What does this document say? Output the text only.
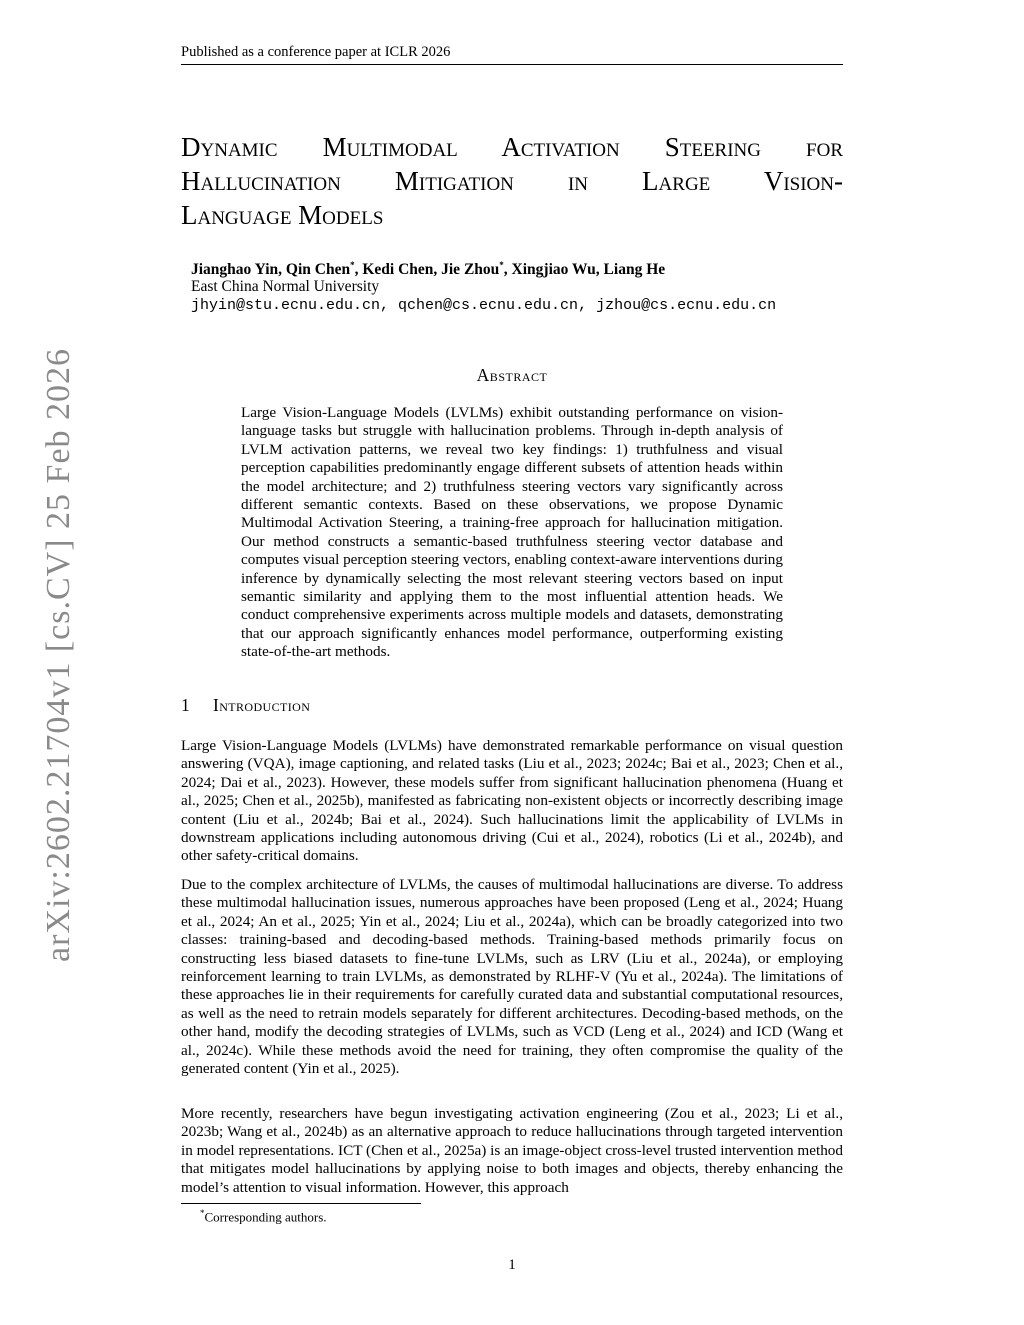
Published as a conference paper at ICLR 2026
arXiv:2602.21704v1 [cs.CV] 25 Feb 2026
Dynamic Multimodal Activation Steering for
Hallucination Mitigation in Large Vision-
Language Models
Jianghao Yin, Qin Chen*, Kedi Chen, Jie Zhou*, Xingjiao Wu, Liang He
East China Normal University
jhyin@stu.ecnu.edu.cn, qchen@cs.ecnu.edu.cn, jzhou@cs.ecnu.edu.cn
Abstract
Large Vision-Language Models (LVLMs) exhibit outstanding performance on vision-language tasks but struggle with hallucination problems. Through in-depth analysis of LVLM activation patterns, we reveal two key findings: 1) truthfulness and visual perception capabilities predominantly engage different subsets of attention heads within the model architecture; and 2) truthfulness steering vectors vary significantly across different semantic contexts. Based on these observations, we propose Dynamic Multimodal Activation Steering, a training-free approach for hallucination mitigation. Our method constructs a semantic-based truthfulness steering vector database and computes visual perception steering vectors, enabling context-aware interventions during inference by dynamically selecting the most relevant steering vectors based on input semantic similarity and applying them to the most influential attention heads. We conduct comprehensive experiments across multiple models and datasets, demonstrating that our approach significantly enhances model performance, outperforming existing state-of-the-art methods.
1 Introduction
Large Vision-Language Models (LVLMs) have demonstrated remarkable performance on visual question answering (VQA), image captioning, and related tasks (Liu et al., 2023; 2024c; Bai et al., 2023; Chen et al., 2024; Dai et al., 2023). However, these models suffer from significant hallucination phenomena (Huang et al., 2025; Chen et al., 2025b), manifested as fabricating non-existent objects or incorrectly describing image content (Liu et al., 2024b; Bai et al., 2024). Such hallucinations limit the applicability of LVLMs in downstream applications including autonomous driving (Cui et al., 2024), robotics (Li et al., 2024b), and other safety-critical domains.
Due to the complex architecture of LVLMs, the causes of multimodal hallucinations are diverse. To address these multimodal hallucination issues, numerous approaches have been proposed (Leng et al., 2024; Huang et al., 2024; An et al., 2025; Yin et al., 2024; Liu et al., 2024a), which can be broadly categorized into two classes: training-based and decoding-based methods. Training-based methods primarily focus on constructing less biased datasets to fine-tune LVLMs, such as LRV (Liu et al., 2024a), or employing reinforcement learning to train LVLMs, as demonstrated by RLHF-V (Yu et al., 2024a). The limitations of these approaches lie in their requirements for carefully curated data and substantial computational resources, as well as the need to retrain models separately for different architectures. Decoding-based methods, on the other hand, modify the decoding strategies of LVLMs, such as VCD (Leng et al., 2024) and ICD (Wang et al., 2024c). While these methods avoid the need for training, they often compromise the quality of the generated content (Yin et al., 2025).
More recently, researchers have begun investigating activation engineering (Zou et al., 2023; Li et al., 2023b; Wang et al., 2024b) as an alternative approach to reduce hallucinations through targeted intervention in model representations. ICT (Chen et al., 2025a) is an image-object cross-level trusted intervention method that mitigates model hallucinations by applying noise to both images and objects, thereby enhancing the model’s attention to visual information. However, this approach
*Corresponding authors.
1
